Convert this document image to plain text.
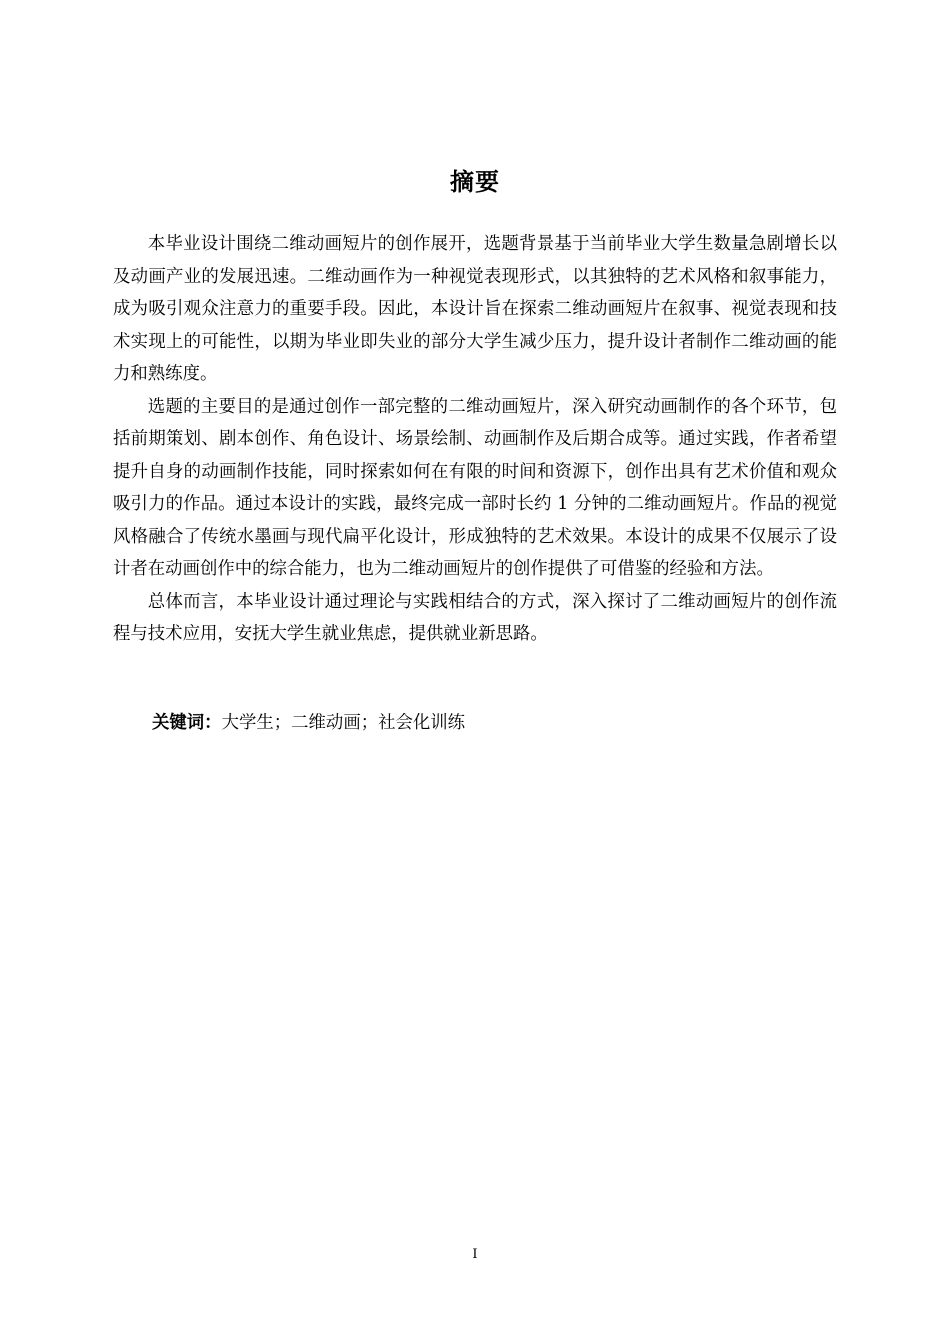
摘要

本毕业设计围绕二维动画短片的创作展开，选题背景基于当前毕业大学生数量急剧增长以及动画产业的发展迅速。二维动画作为一种视觉表现形式，以其独特的艺术风格和叙事能力，成为吸引观众注意力的重要手段。因此，本设计旨在探索二维动画短片在叙事、视觉表现和技术实现上的可能性，以期为毕业即失业的部分大学生减少压力，提升设计者制作二维动画的能力和熟练度。

选题的主要目的是通过创作一部完整的二维动画短片，深入研究动画制作的各个环节，包括前期策划、剧本创作、角色设计、场景绘制、动画制作及后期合成等。通过实践，作者希望提升自身的动画制作技能，同时探索如何在有限的时间和资源下，创作出具有艺术价值和观众吸引力的作品。通过本设计的实践，最终完成一部时长约 1 分钟的二维动画短片。作品的视觉风格融合了传统水墨画与现代扁平化设计，形成独特的艺术效果。本设计的成果不仅展示了设计者在动画创作中的综合能力，也为二维动画短片的创作提供了可借鉴的经验和方法。

总体而言，本毕业设计通过理论与实践相结合的方式，深入探讨了二维动画短片的创作流程与技术应用，安抚大学生就业焦虑，提供就业新思路。

关键词：大学生；二维动画；社会化训练
I
